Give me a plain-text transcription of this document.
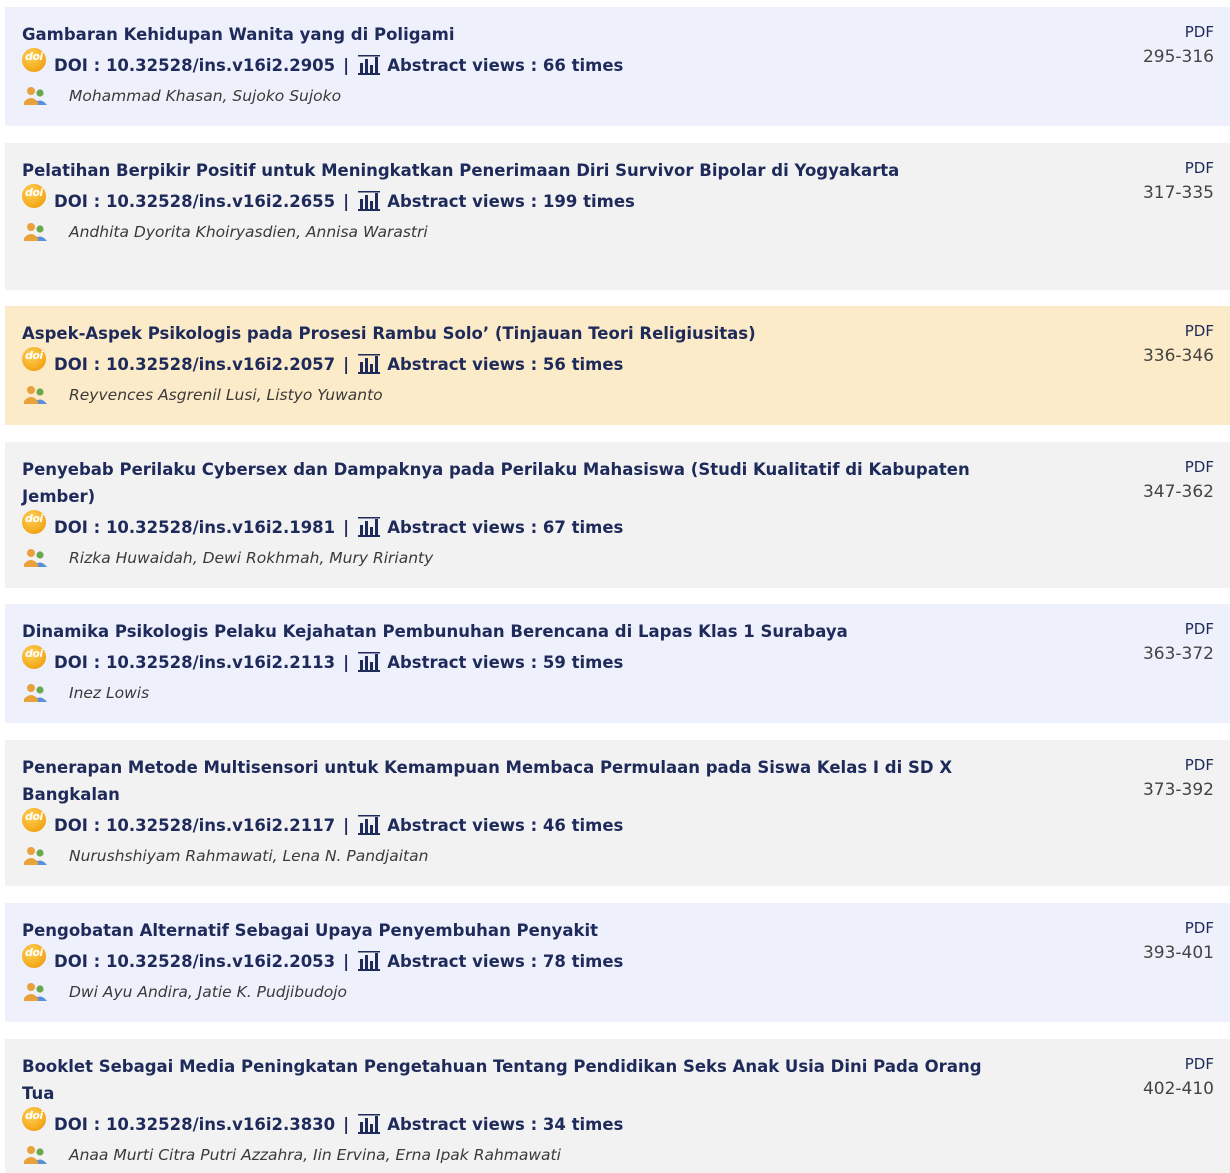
Gambaran Kehidupan Wanita yang di Poligami
doi DOI : 10.32528/ins.v16i2.2905 | Abstract views : 66 times
Mohammad Khasan, Sujoko Sujoko
PDF
295-316
Pelatihan Berpikir Positif untuk Meningkatkan Penerimaan Diri Survivor Bipolar di Yogyakarta
doi DOI : 10.32528/ins.v16i2.2655 | Abstract views : 199 times
Andhita Dyorita Khoiryasdien, Annisa Warastri
PDF
317-335
Aspek-Aspek Psikologis pada Prosesi Rambu Solo’ (Tinjauan Teori Religiusitas)
doi DOI : 10.32528/ins.v16i2.2057 | Abstract views : 56 times
Reyvences Asgrenil Lusi, Listyo Yuwanto
PDF
336-346
Penyebab Perilaku Cybersex dan Dampaknya pada Perilaku Mahasiswa (Studi Kualitatif di Kabupaten Jember)
doi DOI : 10.32528/ins.v16i2.1981 | Abstract views : 67 times
Rizka Huwaidah, Dewi Rokhmah, Mury Ririanty
PDF
347-362
Dinamika Psikologis Pelaku Kejahatan Pembunuhan Berencana di Lapas Klas 1 Surabaya
doi DOI : 10.32528/ins.v16i2.2113 | Abstract views : 59 times
Inez Lowis
PDF
363-372
Penerapan Metode Multisensori untuk Kemampuan Membaca Permulaan pada Siswa Kelas I di SD X Bangkalan
doi DOI : 10.32528/ins.v16i2.2117 | Abstract views : 46 times
Nurushshiyam Rahmawati, Lena N. Pandjaitan
PDF
373-392
Pengobatan Alternatif Sebagai Upaya Penyembuhan Penyakit
doi DOI : 10.32528/ins.v16i2.2053 | Abstract views : 78 times
Dwi Ayu Andira, Jatie K. Pudjibudojo
PDF
393-401
Booklet Sebagai Media Peningkatan Pengetahuan Tentang Pendidikan Seks Anak Usia Dini Pada Orang Tua
doi DOI : 10.32528/ins.v16i2.3830 | Abstract views : 34 times
Anaa Murti Citra Putri Azzahra, Iin Ervina, Erna Ipak Rahmawati
PDF
402-410
